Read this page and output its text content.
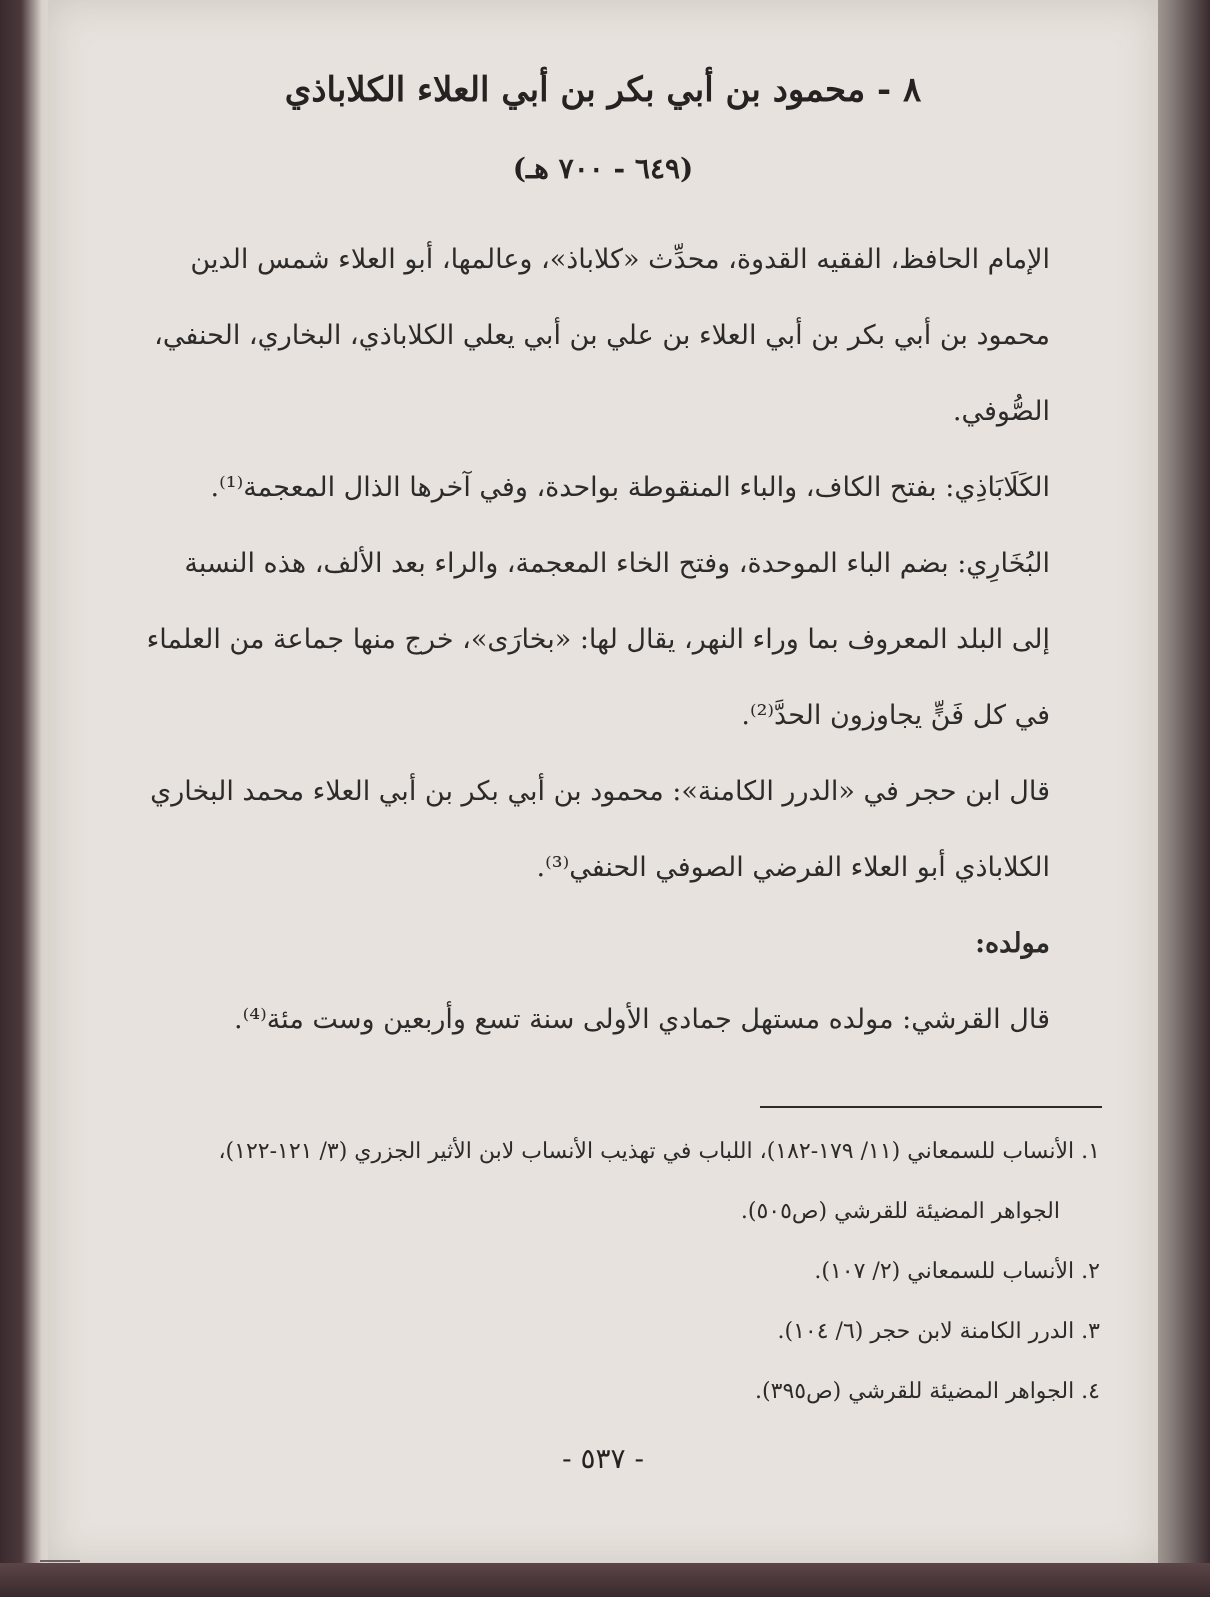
٨ - محمود بن أبي بكر بن أبي العلاء الكلاباذي
(٦٤٩ - ٧٠٠ هـ)

الإمام الحافظ، الفقيه القدوة، محدِّث «كلاباذ»، وعالمها، أبو العلاء شمس الدين محمود بن أبي بكر بن أبي العلاء بن علي بن أبي يعلي الكلاباذي، البخاري، الحنفي، الصُّوفي.

الكَلَابَاذِي: بفتح الكاف، والباء المنقوطة بواحدة، وفي آخرها الذال المعجمة⁽¹⁾.

البُخَارِي: بضم الباء الموحدة، وفتح الخاء المعجمة، والراء بعد الألف، هذه النسبة إلى البلد المعروف بما وراء النهر، يقال لها: «بخارَى»، خرج منها جماعة من العلماء في كل فَنٍّ يجاوزون الحدَّ⁽²⁾.

قال ابن حجر في «الدرر الكامنة»: محمود بن أبي بكر بن أبي العلاء محمد البخاري الكلاباذي أبو العلاء الفرضي الصوفي الحنفي⁽³⁾.

مولده:

قال القرشي: مولده مستهل جمادي الأولى سنة تسع وأربعين وست مئة⁽⁴⁾.

١. الأنساب للسمعاني (١١/ ١٧٩-١٨٢)، اللباب في تهذيب الأنساب لابن الأثير الجزري (٣/ ١٢١-١٢٢)، الجواهر المضيئة للقرشي (ص٥٠٥).

٢. الأنساب للسمعاني (٢/ ١٠٧).

٣. الدرر الكامنة لابن حجر (٦/ ١٠٤).

٤. الجواهر المضيئة للقرشي (ص٣٩٥).

- ٥٣٧ -
